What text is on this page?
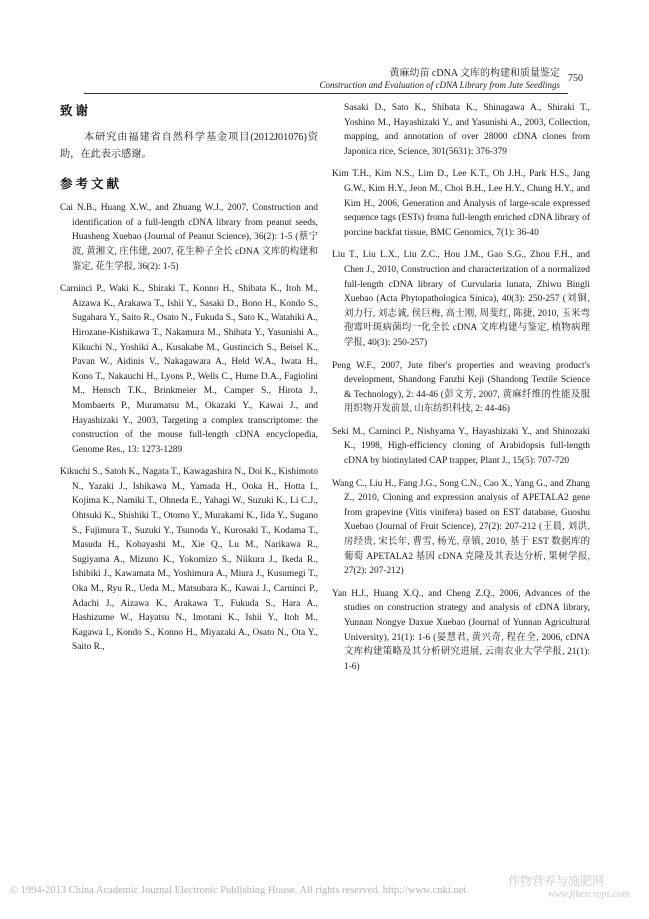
黄麻幼苗 cDNA 文库的构建和质量鉴定 750
Construction and Evaluation of cDNA Library from Jute Seedlings
致谢

本研究由福建省自然科学基金项目(2012J01076)资助，在此表示感谢。

参考文献
Cai N.B., Huang X.W., and Zhuang W.J., 2007, Construction and identification of a full-length cDNA library from peanut seeds, Huasheng Xuebao (Journal of Peanut Science), 36(2): 1-5 (蔡宁波, 黄湘文, 庄伟建, 2007, 花生种子全长 cDNA 文库的构建和鉴定, 花生学报, 36(2): 1-5)
Carninci P., Waki K., Shiraki T., Konno H., Shibata K., Itoh M., Aizawa K., Arakawa T., Ishii Y., Sasaki D., Bono H., Kondo S., Sugahara Y., Saito R., Osato N., Fukuda S., Sato K., Watahiki A., Hirozane-Kishikawa T., Nakamura M., Shibata Y., Yasunishi A., Kikuchi N., Yoshiki A., Kusakabe M., Gustincich S., Beisel K., Pavan W., Aidinis V., Nakagawara A., Held W.A., Iwata H., Kono T., Nakauchi H., Lyons P., Wells C., Hume D.A., Fagiolini M., Hensch T.K., Brinkmeier M., Camper S., Hirota J., Mombaerts P., Muramatsu M., Okazaki Y., Kawai J., and Hayashizaki Y., 2003, Targeting a complex transcriptome: the construction of the mouse full-length cDNA encyclopedia, Genome Res., 13: 1273-1289
Kikuchi S., Satoh K., Nagata T., Kawagashira N., Doi K., Kishimoto N., Yazaki J., Ishikawa M., Yamada H., Ooka H., Hotta I., Kojima K., Namiki T., Ohneda E., Yahagi W., Suzuki K., Li C.J., Ohtsuki K., Shishiki T., Otomo Y., Murakami K., Iida Y., Sugano S., Fujimura T., Suzuki Y., Tsunoda Y., Kurosaki T., Kodama T., Masuda H., Kobayashi M., Xie Q., Lu M., Narikawa R., Sugiyama A., Mizuno K., Yokomizo S., Niikura J., Ikeda R., Ishibiki J., Kawamata M., Yoshimura A., Miura J., Kusumegi T., Oka M., Ryu R., Ueda M., Matsubara K., Kawai J., Carninci P., Adachi J., Aizawa K., Arakawa T., Fukuda S., Hara A., Hashizume W., Hayatsu N., Imotani K., Ishii Y., Itoh M., Kagawa I., Kondo S., Konno H., Miyazaki A., Osato N., Ota Y., Saito R.,
Sasaki D., Sato K., Shibata K., Shinagawa A., Shiraki T., Yoshino M., Hayashizaki Y., and Yasunishi A., 2003, Collection, mapping, and annotation of over 28000 cDNA clones from Japonica rice, Science, 301(5631): 376-379
Kim T.H., Kim N.S., Lim D., Lee K.T., Oh J.H., Park H.S., Jang G.W., Kim H.Y., Jeon M., Choi B.H., Lee H.Y., Chung H.Y., and Kim H., 2006, Generation and Analysis of large-scale expressed sequence tags (ESTs) froma full-length enriched cDNA library of porcine backfat tissue, BMC Genomics, 7(1): 36-40
Liu T., Liu L.X., Liu Z.C., Hou J.M., Gao S.G., Zhou F.H., and Chen J., 2010, Construction and characterization of a normalized full-length cDNA library of Curvularia lunata, Zhiwu Bingli Xuebao (Acta Phytopathologica Sinica), 40(3): 250-257 (刘铜, 刘力行, 刘志诚, 侯巨梅, 高士刚, 周斐红, 陈捷, 2010, 玉米弯孢霉叶斑病菌均一化全长 cDNA 文库构建与鉴定, 植物病理学报, 40(3): 250-257)
Peng W.F., 2007, Jute fiber's properties and weaving product's development, Shandong Fanzhi Keji (Shandong Textile Science & Technology), 2: 44-46 (彭文芳, 2007, 黄麻纤维的性能及服用织物开发前景, 山东纺织科技, 2: 44-46)
Seki M., Carninci P., Nishyama Y., Hayashizaki Y., and Shinozaki K., 1998, High-efficiency cloning of Arabidopsis full-length cDNA by biotinylated CAP trapper, Plant J., 15(5): 707-720
Wang C., Liu H., Fang J.G., Song C.N., Cao X., Yang G., and Zhang Z., 2010, Cloning and expression analysis of APETALA2 gene from grapevine (Vitis vinifera) based on EST database, Guoshu Xuebao (Journal of Fruit Science), 27(2): 207-212 (王晨, 刘洪, 房经贵, 宋长年, 曹雪, 杨光, 章镇, 2010, 基于 EST 数据库的葡萄 APETALA2 基因 cDNA 克隆及其表达分析, 果树学报, 27(2): 207-212)
Yan H.J., Huang X.Q., and Cheng Z.Q., 2006, Advances of the studies on construction strategy and analysis of cDNA library, Yunnan Nongye Daxue Xuebao (Journal of Yunnan Agricultural University), 21(1): 1-6 (晏慧君, 黄兴奇, 程在全, 2006, cDNA 文库构建策略及其分析研究进展, 云南农业大学学报, 21(1): 1-6)
© 1994-2013 China Academic Journal Electronic Publishing House. All rights reserved. http://www.cnki.net
作物营养与施肥网
www.fibercrops.com
